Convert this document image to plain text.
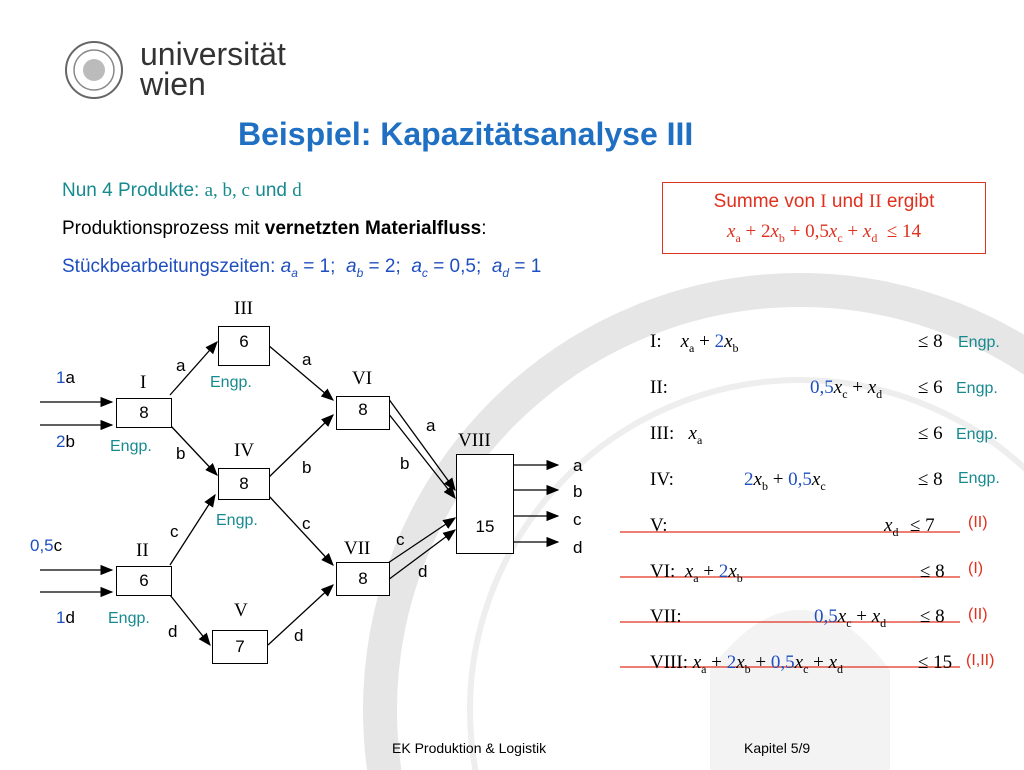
universität
wien
Beispiel: Kapazitätsanalyse III
Nun 4 Produkte: a, b, c und d
Produktionsprozess mit vernetzten Materialfluss:
Stückbearbeitungszeiten: $a_a = 1$; $a_b = 2$; $a_c = 0,5$; $a_d = 1$
Summe von I und II ergibt
$x_a + 2x_b + 0,5x_c + x_d \le 14$
1a
2b
0,5c
1d
I
8
Engp.
II
6
Engp.
III
6
Engp.
IV
8
Engp.
V
7
VI
8
VII
8
VIII
15
a
b
c
d
a
b
c
d
a
b
c
d
a
b
c
d
I: $x_a + 2x_b$	≤ 8 Engp.
II:	$0,5x_c + x_d \le 6$ Engp.
III: $x_a$	≤ 6 Engp.
IV:	$2x_b + 0,5x_c$	≤ 8 Engp.
V:	$x_d \le 7$ (II)
VI: $x_a + 2x_b$	≤ 8 (I)
VII:	$0,5x_c + x_d \le 8$ (II)
VIII: $x_a + 2x_b + 0,5x_c + x_d$	≤ 15 (I,II)
EK Produktion & Logistik	Kapitel 5/9
